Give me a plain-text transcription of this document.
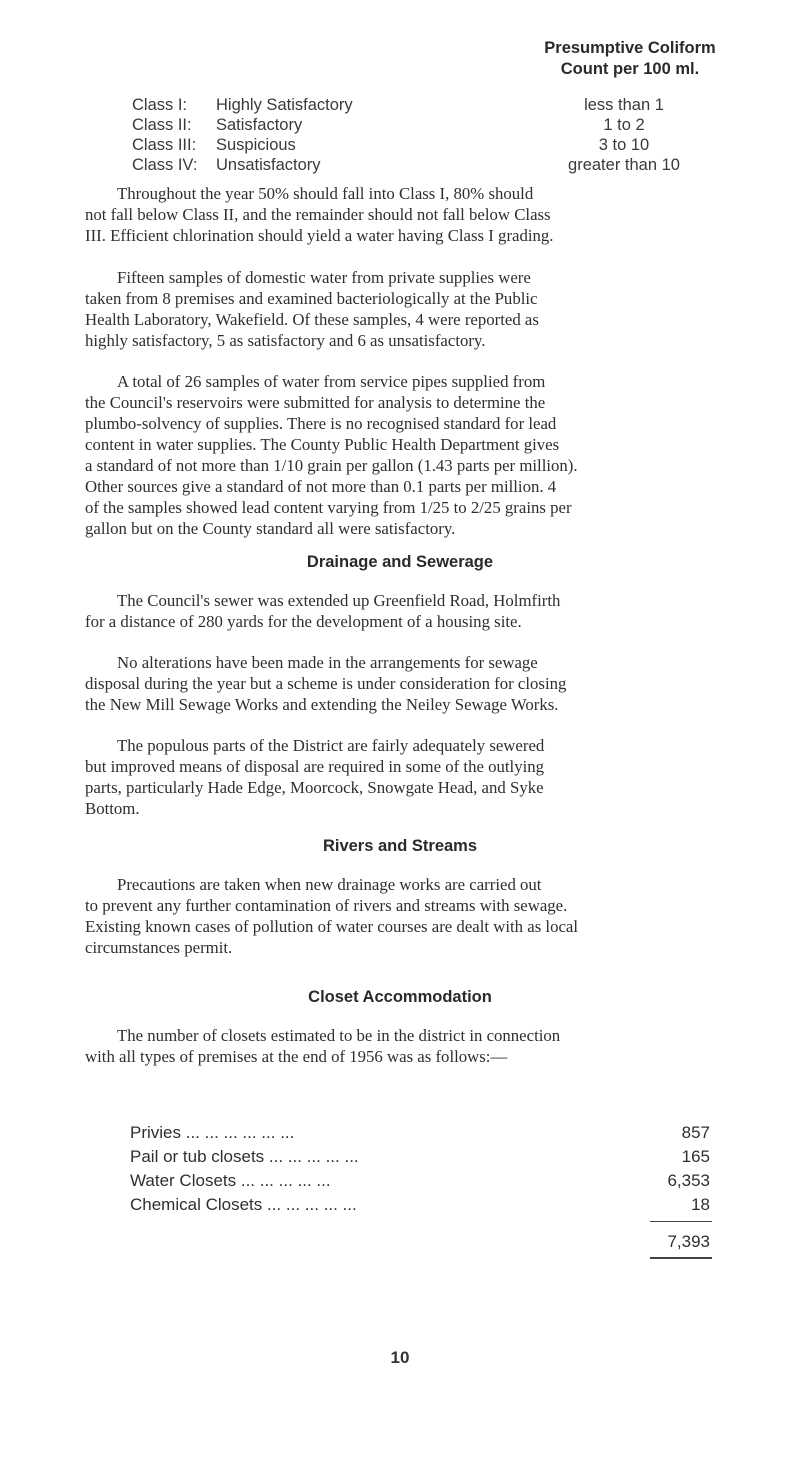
Presumptive Coliform
Count per 100 ml.
Class I: Highly Satisfactory	less than 1
Class II: Satisfactory	1 to 2
Class III: Suspicious	3 to 10
Class IV: Unsatisfactory	greater than 10
Throughout the year 50% should fall into Class I, 80% should
not fall below Class II, and the remainder should not fall below Class
III. Efficient chlorination should yield a water having Class I grading.
Fifteen samples of domestic water from private supplies were
taken from 8 premises and examined bacteriologically at the Public
Health Laboratory, Wakefield. Of these samples, 4 were reported as
highly satisfactory, 5 as satisfactory and 6 as unsatisfactory.
A total of 26 samples of water from service pipes supplied from
the Council's reservoirs were submitted for analysis to determine the
plumbo-solvency of supplies. There is no recognised standard for lead
content in water supplies. The County Public Health Department gives
a standard of not more than 1/10 grain per gallon (1.43 parts per million).
Other sources give a standard of not more than 0.1 parts per million. 4
of the samples showed lead content varying from 1/25 to 2/25 grains per
gallon but on the County standard all were satisfactory.
Drainage and Sewerage
The Council's sewer was extended up Greenfield Road, Holmfirth
for a distance of 280 yards for the development of a housing site.
No alterations have been made in the arrangements for sewage
disposal during the year but a scheme is under consideration for closing
the New Mill Sewage Works and extending the Neiley Sewage Works.
The populous parts of the District are fairly adequately sewered
but improved means of disposal are required in some of the outlying
parts, particularly Hade Edge, Moorcock, Snowgate Head, and Syke
Bottom.
Rivers and Streams
Precautions are taken when new drainage works are carried out
to prevent any further contamination of rivers and streams with sewage.
Existing known cases of pollution of water courses are dealt with as local
circumstances permit.
Closet Accommodation
The number of closets estimated to be in the district in connection
with all types of premises at the end of 1956 was as follows:—
Privies ... ... ... ... ... ...	857
Pail or tub closets ... ... ... ... ...	165
Water Closets ... ... ... ... ...	6,353
Chemical Closets ... ... ... ... ...	18
7,393
10
